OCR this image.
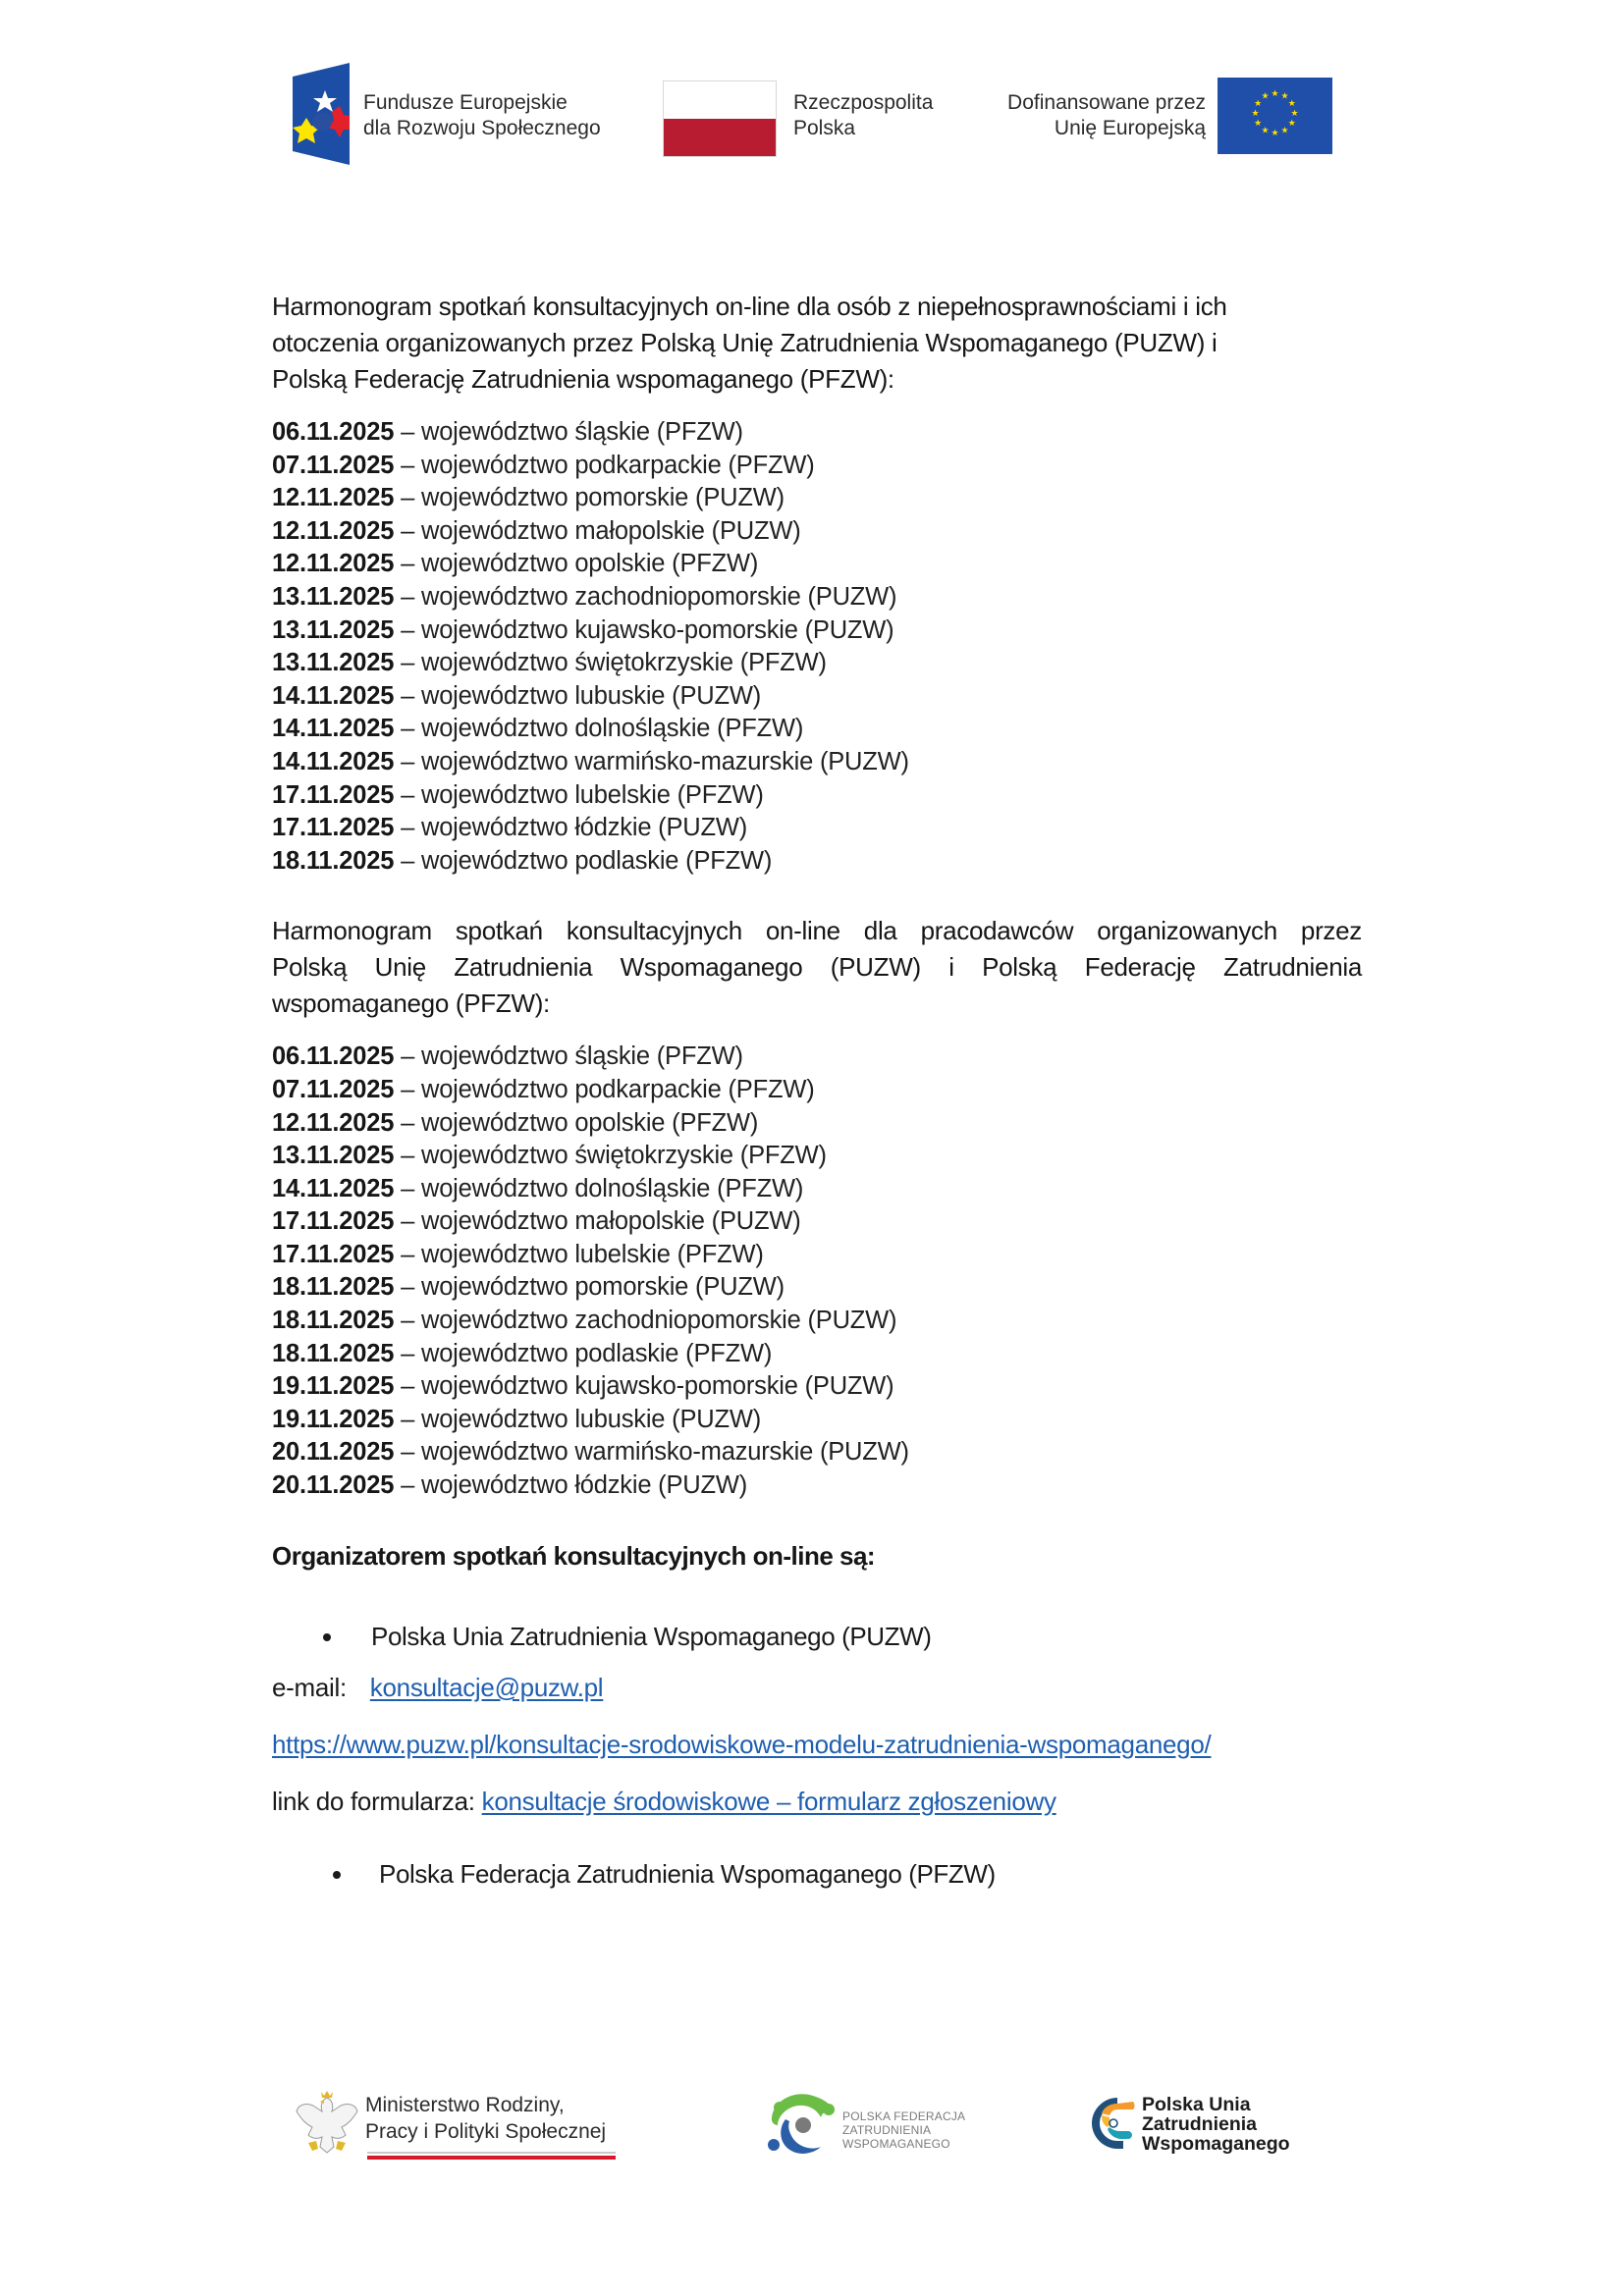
Fundusze Europejskie
dla Rozwoju Społecznego
Rzeczpospolita
Polska
Dofinansowane przez
Unię Europejską
★ ★
★
★
★
★
★
★
★
★
★
★
Harmonogram spotkań konsultacyjnych on-line dla osób z niepełnosprawnościami i ich
otoczenia organizowanych przez Polską Unię Zatrudnienia Wspomaganego (PUZW) i
Polską Federację Zatrudnienia wspomaganego (PFZW):
06.11.2025 – województwo śląskie (PFZW)
07.11.2025 – województwo podkarpackie (PFZW)
12.11.2025 – województwo pomorskie (PUZW)
12.11.2025 – województwo małopolskie (PUZW)
12.11.2025 – województwo opolskie (PFZW)
13.11.2025 – województwo zachodniopomorskie (PUZW)
13.11.2025 – województwo kujawsko-pomorskie (PUZW)
13.11.2025 – województwo świętokrzyskie (PFZW)
14.11.2025 – województwo lubuskie (PUZW)
14.11.2025 – województwo dolnośląskie (PFZW)
14.11.2025 – województwo warmińsko-mazurskie (PUZW)
17.11.2025 – województwo lubelskie (PFZW)
17.11.2025 – województwo łódzkie (PUZW)
18.11.2025 – województwo podlaskie (PFZW)
Harmonogram spotkań konsultacyjnych on-line dla pracodawców organizowanych przez
Polską Unię Zatrudnienia Wspomaganego (PUZW) i Polską Federację Zatrudnienia
wspomaganego (PFZW):
06.11.2025 – województwo śląskie (PFZW)
07.11.2025 – województwo podkarpackie (PFZW)
12.11.2025 – województwo opolskie (PFZW)
13.11.2025 – województwo świętokrzyskie (PFZW)
14.11.2025 – województwo dolnośląskie (PFZW)
17.11.2025 – województwo małopolskie (PUZW)
17.11.2025 – województwo lubelskie (PFZW)
18.11.2025 – województwo pomorskie (PUZW)
18.11.2025 – województwo zachodniopomorskie (PUZW)
18.11.2025 – województwo podlaskie (PFZW)
19.11.2025 – województwo kujawsko-pomorskie (PUZW)
19.11.2025 – województwo lubuskie (PUZW)
20.11.2025 – województwo warmińsko-mazurskie (PUZW)
20.11.2025 – województwo łódzkie (PUZW)
Organizatorem spotkań konsultacyjnych on-line są:
Polska Unia Zatrudnienia Wspomaganego (PUZW)
e-mail: konsultacje@puzw.pl
https://www.puzw.pl/konsultacje-srodowiskowe-modelu-zatrudnienia-wspomaganego/
link do formularza: konsultacje środowiskowe – formularz zgłoszeniowy
Polska Federacja Zatrudnienia Wspomaganego (PFZW)
Ministerstwo Rodziny,
Pracy i Polityki Społecznej
POLSKA FEDERACJA
ZATRUDNIENIA
WSPOMAGANEGO
Polska Unia
Zatrudnienia
Wspomaganego
